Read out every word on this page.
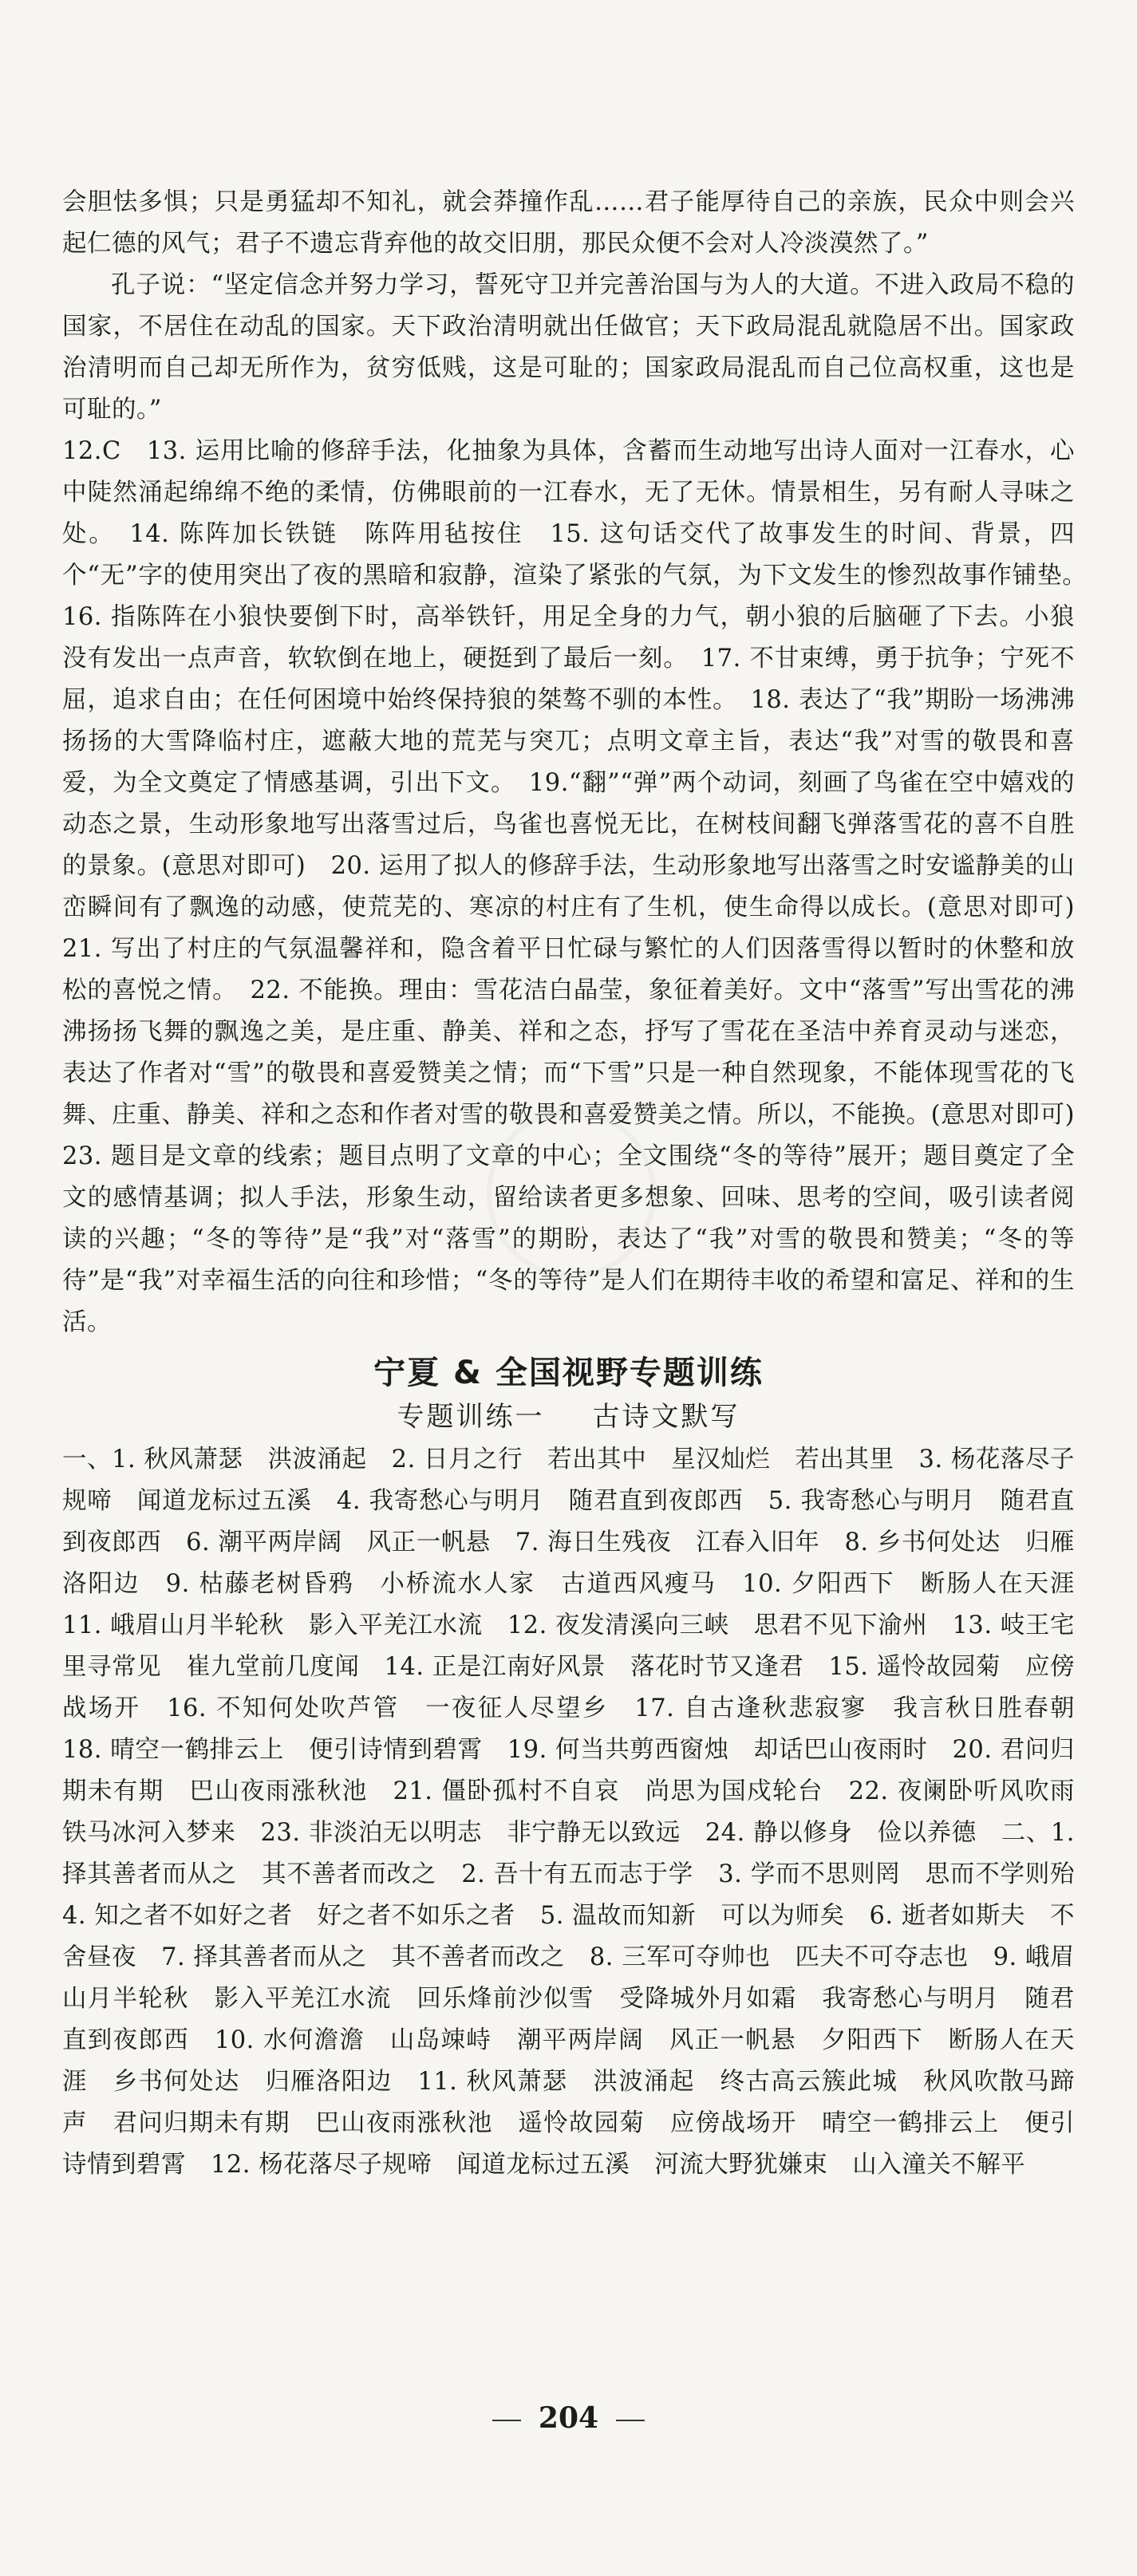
会胆怯多惧；只是勇猛却不知礼，就会莽撞作乱……君子能厚待自己的亲族，民众中则会兴起仁德的风气；君子不遗忘背弃他的故交旧朋，那民众便不会对人冷淡漠然了。”

孔子说：“坚定信念并努力学习，誓死守卫并完善治国与为人的大道。不进入政局不稳的国家，不居住在动乱的国家。天下政治清明就出任做官；天下政局混乱就隐居不出。国家政治清明而自己却无所作为，贫穷低贱，这是可耻的；国家政局混乱而自己位高权重，这也是可耻的。”

12.C　13. 运用比喻的修辞手法，化抽象为具体，含蓄而生动地写出诗人面对一江春水，心中陡然涌起绵绵不绝的柔情，仿佛眼前的一江春水，无了无休。情景相生，另有耐人寻味之处。　14. 陈阵加长铁链　陈阵用毡按住　15. 这句话交代了故事发生的时间、背景，四个“无”字的使用突出了夜的黑暗和寂静，渲染了紧张的气氛，为下文发生的惨烈故事作铺垫。　16. 指陈阵在小狼快要倒下时，高举铁钎，用足全身的力气，朝小狼的后脑砸了下去。小狼没有发出一点声音，软软倒在地上，硬挺到了最后一刻。　17. 不甘束缚，勇于抗争；宁死不屈，追求自由；在任何困境中始终保持狼的桀骜不驯的本性。　18. 表达了“我”期盼一场沸沸扬扬的大雪降临村庄，遮蔽大地的荒芜与突兀；点明文章主旨，表达“我”对雪的敬畏和喜爱，为全文奠定了情感基调，引出下文。　19.“翻”“弹”两个动词，刻画了鸟雀在空中嬉戏的动态之景，生动形象地写出落雪过后，鸟雀也喜悦无比，在树枝间翻飞弹落雪花的喜不自胜的景象。(意思对即可)　20. 运用了拟人的修辞手法，生动形象地写出落雪之时安谧静美的山峦瞬间有了飘逸的动感，使荒芜的、寒凉的村庄有了生机，使生命得以成长。(意思对即可)　21. 写出了村庄的气氛温馨祥和，隐含着平日忙碌与繁忙的人们因落雪得以暂时的休整和放松的喜悦之情。　22. 不能换。理由：雪花洁白晶莹，象征着美好。文中“落雪”写出雪花的沸沸扬扬飞舞的飘逸之美，是庄重、静美、祥和之态，抒写了雪花在圣洁中养育灵动与迷恋，表达了作者对“雪”的敬畏和喜爱赞美之情；而“下雪”只是一种自然现象，不能体现雪花的飞舞、庄重、静美、祥和之态和作者对雪的敬畏和喜爱赞美之情。所以，不能换。(意思对即可)　23. 题目是文章的线索；题目点明了文章的中心；全文围绕“冬的等待”展开；题目奠定了全文的感情基调；拟人手法，形象生动，留给读者更多想象、回味、思考的空间，吸引读者阅读的兴趣；“冬的等待”是“我”对“落雪”的期盼，表达了“我”对雪的敬畏和赞美；“冬的等待”是“我”对幸福生活的向往和珍惜；“冬的等待”是人们在期待丰收的希望和富足、祥和的生活。

宁夏 & 全国视野专题训练
专题训练一 古诗文默写

一、1. 秋风萧瑟　洪波涌起　2. 日月之行　若出其中　星汉灿烂　若出其里　3. 杨花落尽子规啼　闻道龙标过五溪　4. 我寄愁心与明月　随君直到夜郎西　5. 我寄愁心与明月　随君直到夜郎西　6. 潮平两岸阔　风正一帆悬　7. 海日生残夜　江春入旧年　8. 乡书何处达　归雁洛阳边　9. 枯藤老树昏鸦　小桥流水人家　古道西风瘦马　10. 夕阳西下　断肠人在天涯　11. 峨眉山月半轮秋　影入平羌江水流　12. 夜发清溪向三峡　思君不见下渝州　13. 岐王宅里寻常见　崔九堂前几度闻　14. 正是江南好风景　落花时节又逢君　15. 遥怜故园菊　应傍战场开　16. 不知何处吹芦管　一夜征人尽望乡　17. 自古逢秋悲寂寥　我言秋日胜春朝　18. 晴空一鹤排云上　便引诗情到碧霄　19. 何当共剪西窗烛　却话巴山夜雨时　20. 君问归期未有期　巴山夜雨涨秋池　21. 僵卧孤村不自哀　尚思为国戍轮台　22. 夜阑卧听风吹雨　铁马冰河入梦来　23. 非淡泊无以明志　非宁静无以致远　24. 静以修身　俭以养德　二、1. 择其善者而从之　其不善者而改之　2. 吾十有五而志于学　3. 学而不思则罔　思而不学则殆　4. 知之者不如好之者　好之者不如乐之者　5. 温故而知新　可以为师矣　6. 逝者如斯夫　不舍昼夜　7. 择其善者而从之　其不善者而改之　8. 三军可夺帅也　匹夫不可夺志也　9. 峨眉山月半轮秋　影入平羌江水流　回乐烽前沙似雪　受降城外月如霜　我寄愁心与明月　随君直到夜郎西　10. 水何澹澹　山岛竦峙　潮平两岸阔　风正一帆悬　夕阳西下　断肠人在天涯　乡书何处达　归雁洛阳边　11. 秋风萧瑟　洪波涌起　终古高云簇此城　秋风吹散马蹄声　君问归期未有期　巴山夜雨涨秋池　遥怜故园菊　应傍战场开　晴空一鹤排云上　便引诗情到碧霄　12. 杨花落尽子规啼　闻道龙标过五溪　河流大野犹嫌束　山入潼关不解平

204
